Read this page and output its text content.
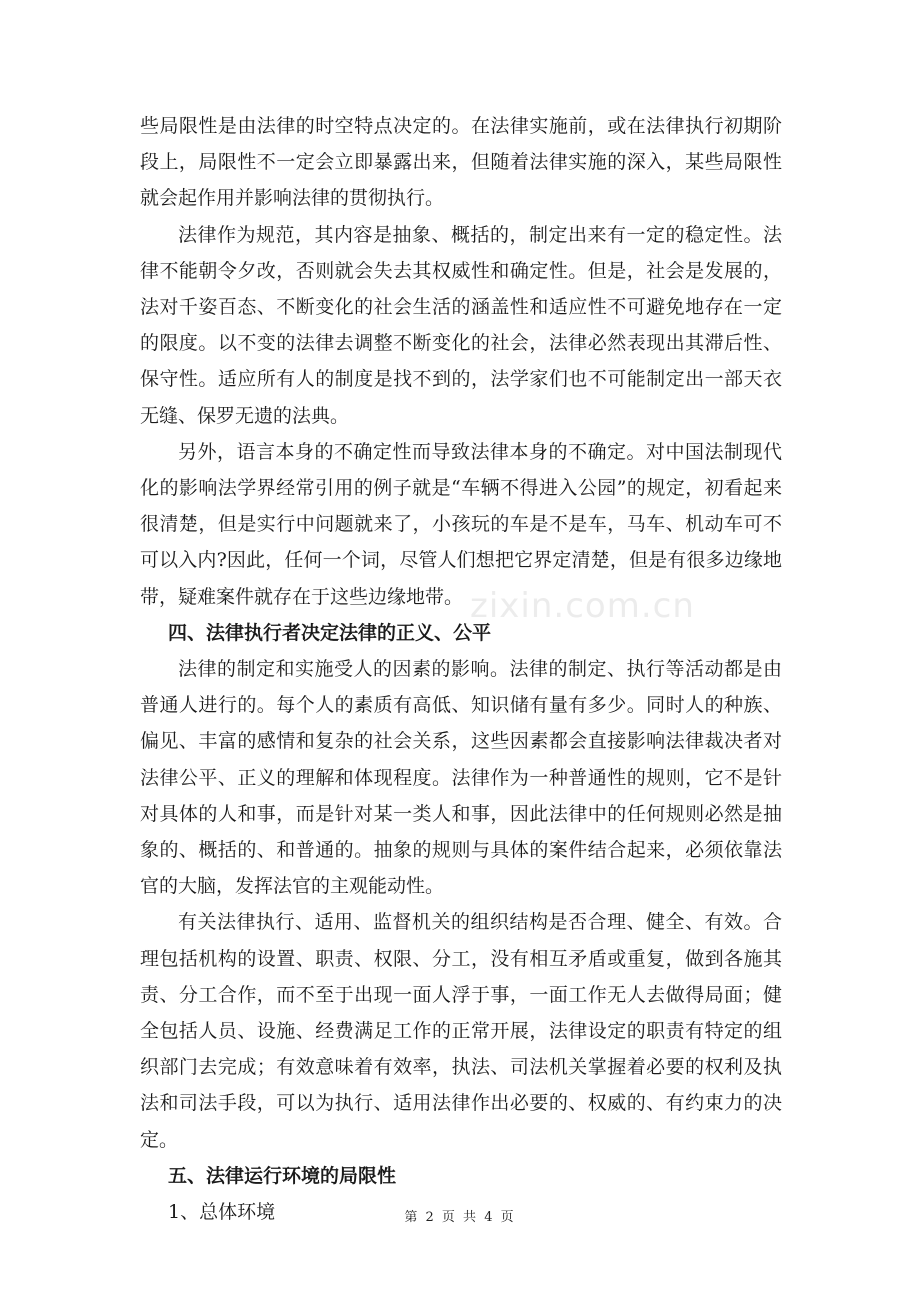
些局限性是由法律的时空特点决定的。在法律实施前，或在法律执行初期阶段上，局限性不一定会立即暴露出来，但随着法律实施的深入，某些局限性就会起作用并影响法律的贯彻执行。

法律作为规范，其内容是抽象、概括的，制定出来有一定的稳定性。法律不能朝令夕改，否则就会失去其权威性和确定性。但是，社会是发展的，法对千姿百态、不断变化的社会生活的涵盖性和适应性不可避免地存在一定的限度。以不变的法律去调整不断变化的社会，法律必然表现出其滞后性、保守性。适应所有人的制度是找不到的，法学家们也不可能制定出一部天衣无缝、保罗无遗的法典。

另外，语言本身的不确定性而导致法律本身的不确定。对中国法制现代化的影响法学界经常引用的例子就是“车辆不得进入公园”的规定，初看起来很清楚，但是实行中问题就来了，小孩玩的车是不是车，马车、机动车可不可以入内?因此，任何一个词，尽管人们想把它界定清楚，但是有很多边缘地带，疑难案件就存在于这些边缘地带。

四、法律执行者决定法律的正义、公平

法律的制定和实施受人的因素的影响。法律的制定、执行等活动都是由普通人进行的。每个人的素质有高低、知识储有量有多少。同时人的种族、偏见、丰富的感情和复杂的社会关系，这些因素都会直接影响法律裁决者对法律公平、正义的理解和体现程度。法律作为一种普通性的规则，它不是针对具体的人和事，而是针对某一类人和事，因此法律中的任何规则必然是抽象的、概括的、和普通的。抽象的规则与具体的案件结合起来，必须依靠法官的大脑，发挥法官的主观能动性。

有关法律执行、适用、监督机关的组织结构是否合理、健全、有效。合理包括机构的设置、职责、权限、分工，没有相互矛盾或重复，做到各施其责、分工合作，而不至于出现一面人浮于事，一面工作无人去做得局面；健全包括人员、设施、经费满足工作的正常开展，法律设定的职责有特定的组织部门去完成；有效意味着有效率，执法、司法机关掌握着必要的权利及执法和司法手段，可以为执行、适用法律作出必要的、权威的、有约束力的决定。

五、法律运行环境的局限性

1、总体环境

zixin.com.cn
第 2 页 共 4 页
